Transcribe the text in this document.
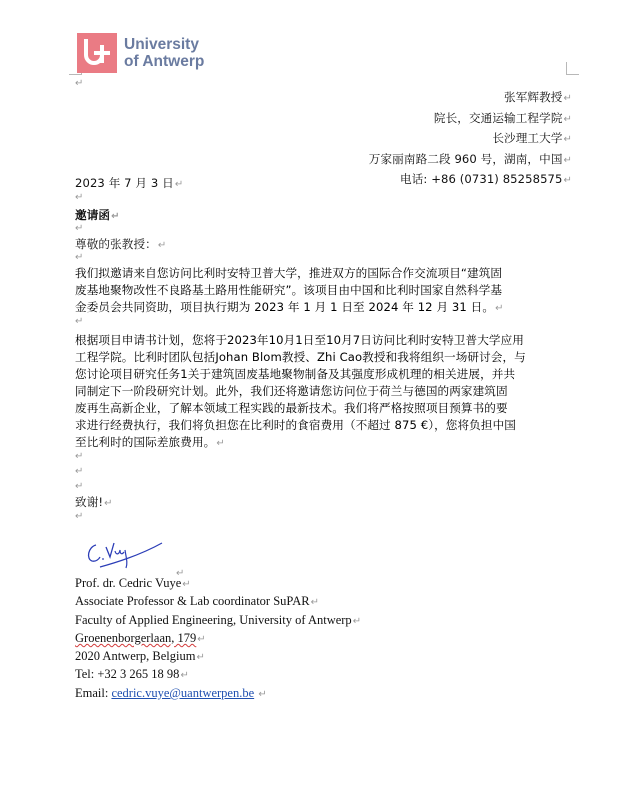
University
of Antwerp
↵
张军辉教授↵
院长，交通运输工程学院↵
长沙理工大学↵
万家丽南路二段 960 号，湖南，中国↵
电话: +86 (0731) 85258575↵
2023 年 7 月 3 日↵
↵
邀请函↵
↵
尊敬的张教授：↵
↵
我们拟邀请来自您访问比利时安特卫普大学，推进双方的国际合作交流项目“建筑固
废基地聚物改性不良路基土路用性能研究”。该项目由中国和比利时国家自然科学基
金委员会共同资助，项目执行期为 2023 年 1 月 1 日至 2024 年 12 月 31 日。↵
↵
根据项目申请书计划，您将于2023年10月1日至10月7日访问比利时安特卫普大学应用
工程学院。比利时团队包括Johan Blom教授、Zhi Cao教授和我将组织一场研讨会，与
您讨论项目研究任务1关于建筑固废基地聚物制备及其强度形成机理的相关进展，并共
同制定下一阶段研究计划。此外，我们还将邀请您访问位于荷兰与德国的两家建筑固
废再生高新企业，了解本领域工程实践的最新技术。我们将严格按照项目预算书的要
求进行经费执行，我们将负担您在比利时的食宿费用（不超过 875 €），您将负担中国
至比利时的国际差旅费用。↵
↵
↵
↵
致谢!↵
↵
↵
Prof. dr. Cedric Vuye↵
Associate Professor & Lab coordinator SuPAR↵
Faculty of Applied Engineering, University of Antwerp↵
Groenenborgerlaan, 179↵
2020 Antwerp, Belgium↵
Tel: +32 3 265 18 98↵
Email: cedric.vuye@uantwerpen.be ↵
